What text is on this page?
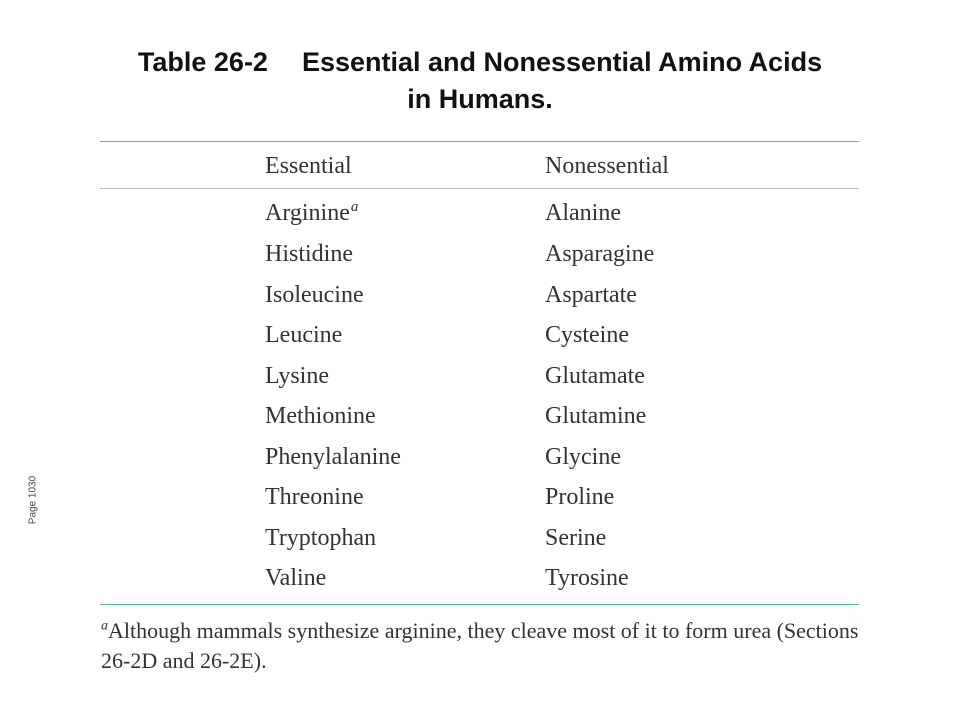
Table 26-2 Essential and Nonessential Amino Acids
in Humans.
Page 1030
Essential	Nonessential
Arginine$^a$	Alanine
Histidine	Asparagine
Isoleucine	Aspartate
Leucine	Cysteine
Lysine	Glutamate
Methionine	Glutamine
Phenylalanine	Glycine
Threonine	Proline
Tryptophan	Serine
Valine	Tyrosine

$^a$Although mammals synthesize arginine, they cleave most of it to form urea (Sections 26-2D and 26-2E).
